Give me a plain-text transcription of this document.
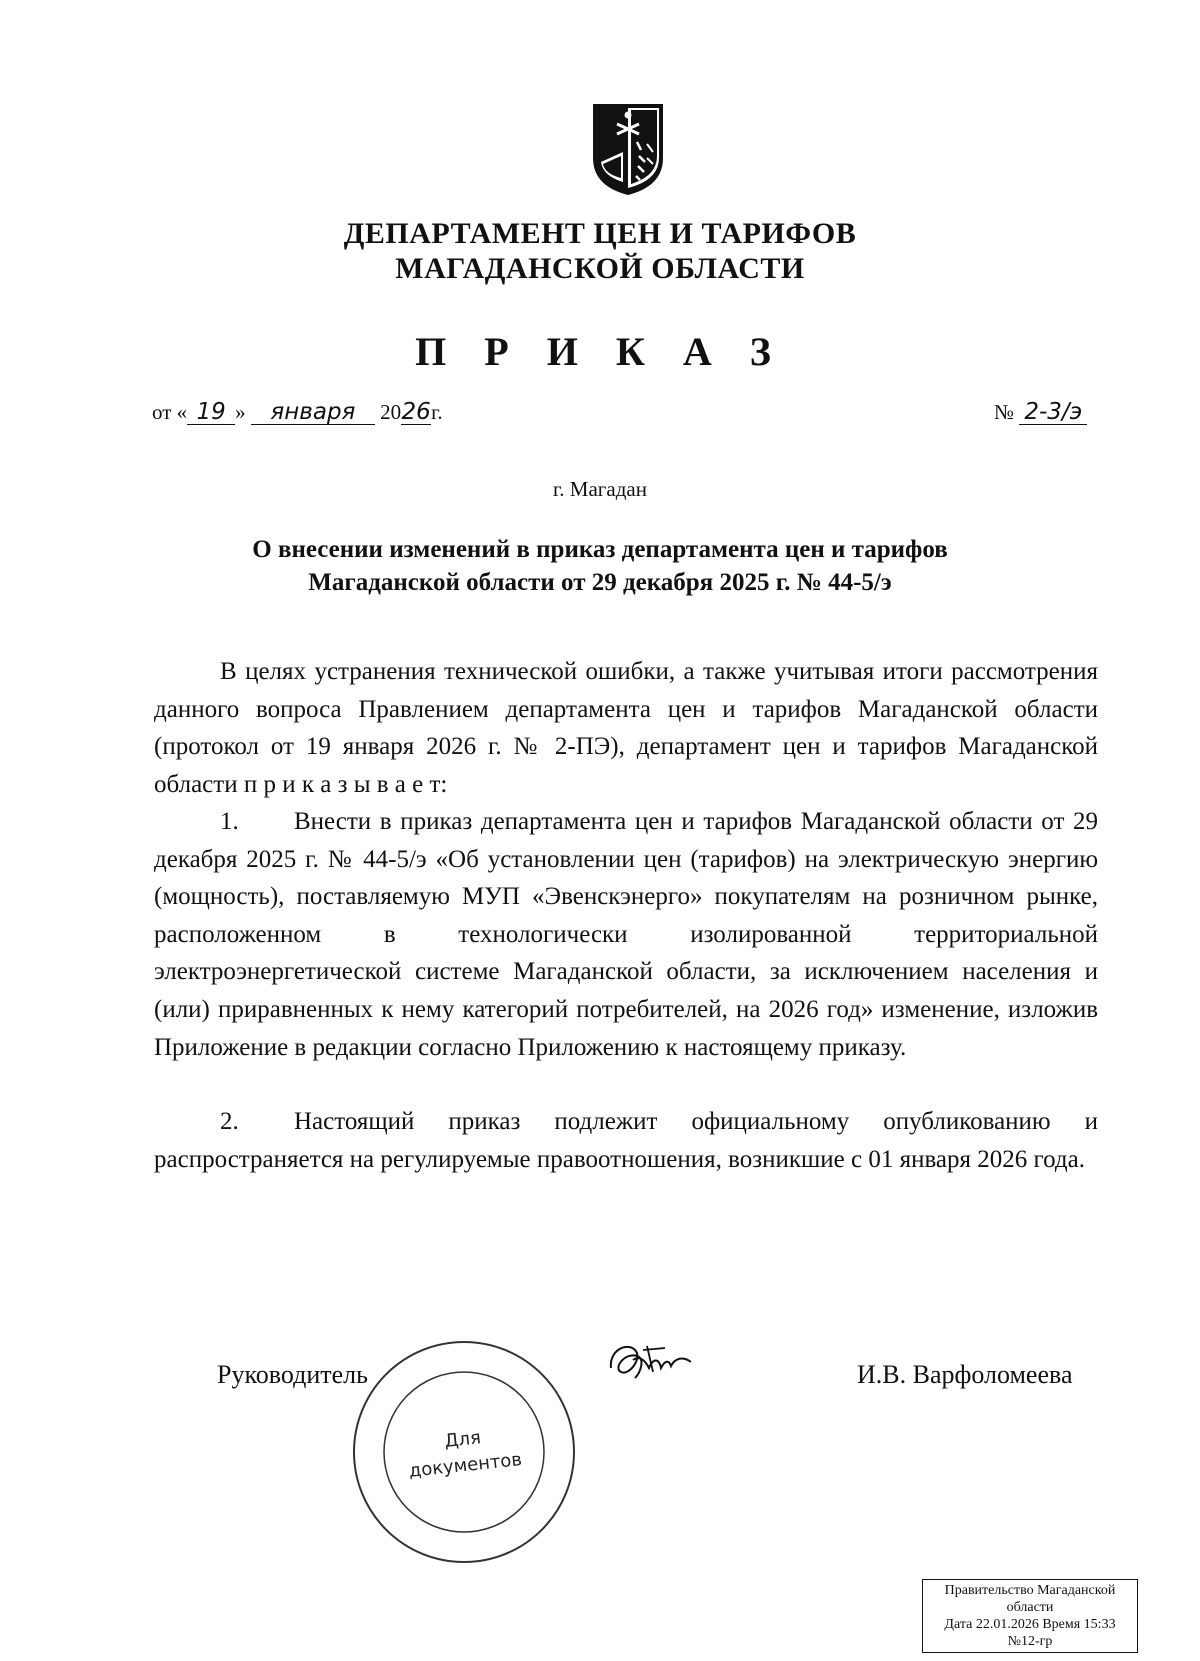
ДЕПАРТАМЕНТ ЦЕН И ТАРИФОВ
МАГАДАНСКОЙ ОБЛАСТИ
П Р И К А З
от « 19 » января 2026г.	№ 2-3/э
г. Магадан
О внесении изменений в приказ департамента цен и тарифов
Магаданской области от 29 декабря 2025 г. № 44-5/э

В целях устранения технической ошибки, а также учитывая итоги рассмотрения данного вопроса Правлением департамента цен и тарифов Магаданской области (протокол от 19 января 2026 г. № 2-ПЭ), департамент цен и тарифов Магаданской области п р и к а з ы в а е т:

1. Внести в приказ департамента цен и тарифов Магаданской области от 29 декабря 2025 г. № 44-5/э «Об установлении цен (тарифов) на электрическую энергию (мощность), поставляемую МУП «Эвенскэнерго» покупателям на розничном рынке, расположенном в технологически изолированной территориальной электроэнергетической системе Магаданской области, за исключением населения и (или) приравненных к нему категорий потребителей, на 2026 год» изменение, изложив Приложение в редакции согласно Приложению к настоящему приказу.

2. Настоящий приказ подлежит официальному опубликованию и распространяется на регулируемые правоотношения, возникшие с 01 января 2026 года.

Руководитель
Для
документов
И.В. Варфоломеева
Правительство Магаданской
области
Дата 22.01.2026 Время 15:33
№12-гр
